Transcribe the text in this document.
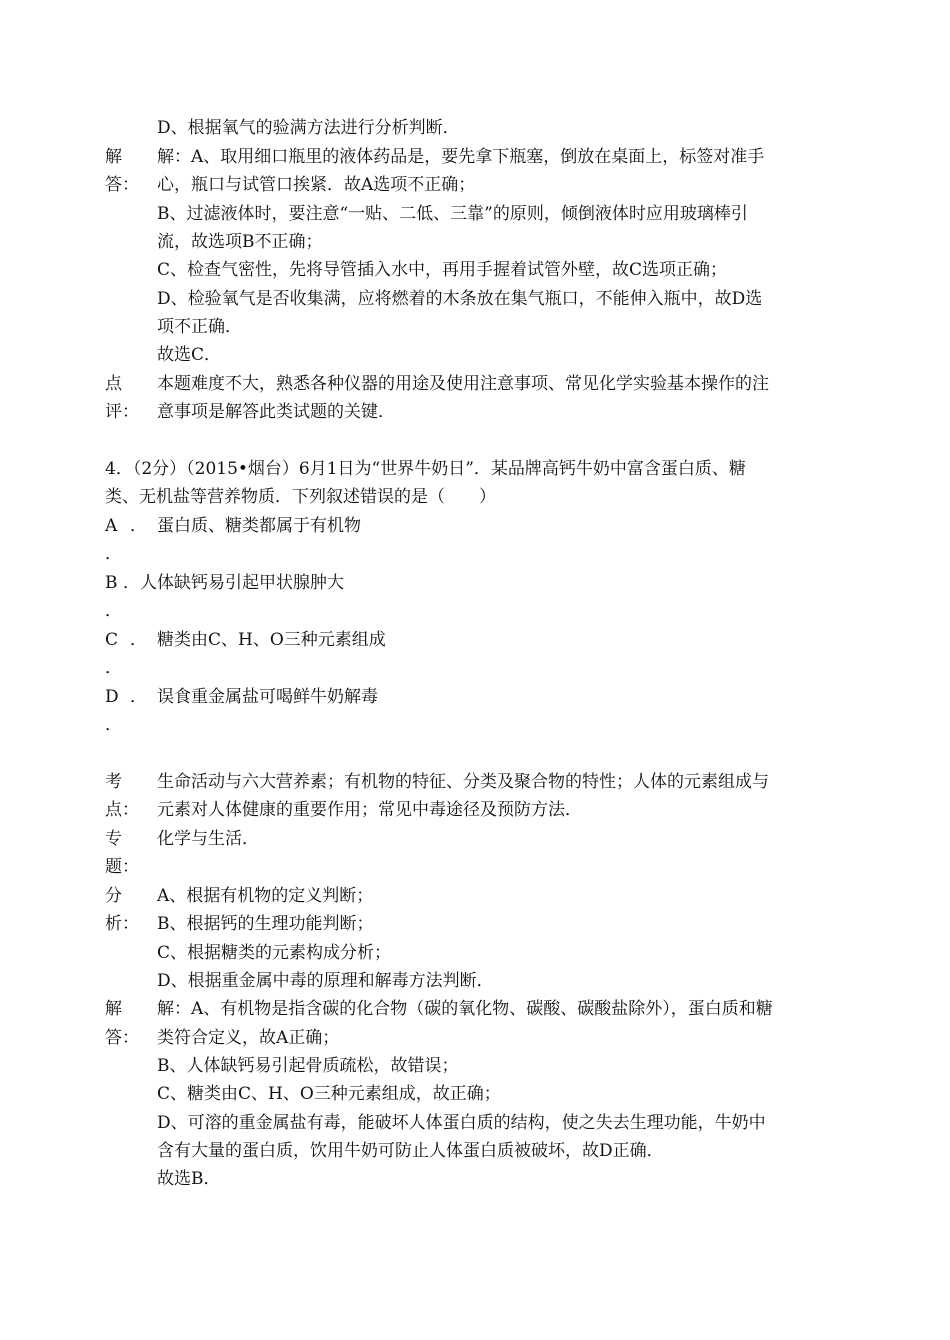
D、根据氧气的验满方法进行分析判断．
解
答：
解：A、取用细口瓶里的液体药品是，要先拿下瓶塞，倒放在桌面上，标签对准手
心，瓶口与试管口挨紧．故A选项不正确；
B、过滤液体时，要注意“一贴、二低、三靠”的原则，倾倒液体时应用玻璃棒引
流，故选项B不正确；
C、检查气密性，先将导管插入水中，再用手握着试管外壁，故C选项正确；
D、检验氧气是否收集满，应将燃着的木条放在集气瓶口，不能伸入瓶中，故D选
项不正确．
故选C．
点
评：
本题难度不大，熟悉各种仪器的用途及使用注意事项、常见化学实验基本操作的注
意事项是解答此类试题的关键．
4．（2分）（2015•烟台）6月1日为“世界牛奶日”．某品牌高钙牛奶中富含蛋白质、糖
类、无机盐等营养物质．下列叙述错误的是（　　）
A
．
． 蛋白质、糖类都属于有机物
B
．
． 人体缺钙易引起甲状腺肿大
C
．
． 糖类由C、H、O三种元素组成
D
．
． 误食重金属盐可喝鲜牛奶解毒
考
点：
生命活动与六大营养素；有机物的特征、分类及聚合物的特性；人体的元素组成与
元素对人体健康的重要作用；常见中毒途径及预防方法．
专
题：
化学与生活．
分
析：
A、根据有机物的定义判断；
B、根据钙的生理功能判断；
C、根据糖类的元素构成分析；
D、根据重金属中毒的原理和解毒方法判断．
解
答：
解：A、有机物是指含碳的化合物（碳的氧化物、碳酸、碳酸盐除外），蛋白质和糖
类符合定义，故A正确；
B、人体缺钙易引起骨质疏松，故错误；
C、糖类由C、H、O三种元素组成，故正确；
D、可溶的重金属盐有毒，能破坏人体蛋白质的结构，使之失去生理功能，牛奶中
含有大量的蛋白质，饮用牛奶可防止人体蛋白质被破坏，故D正确．
故选B．
